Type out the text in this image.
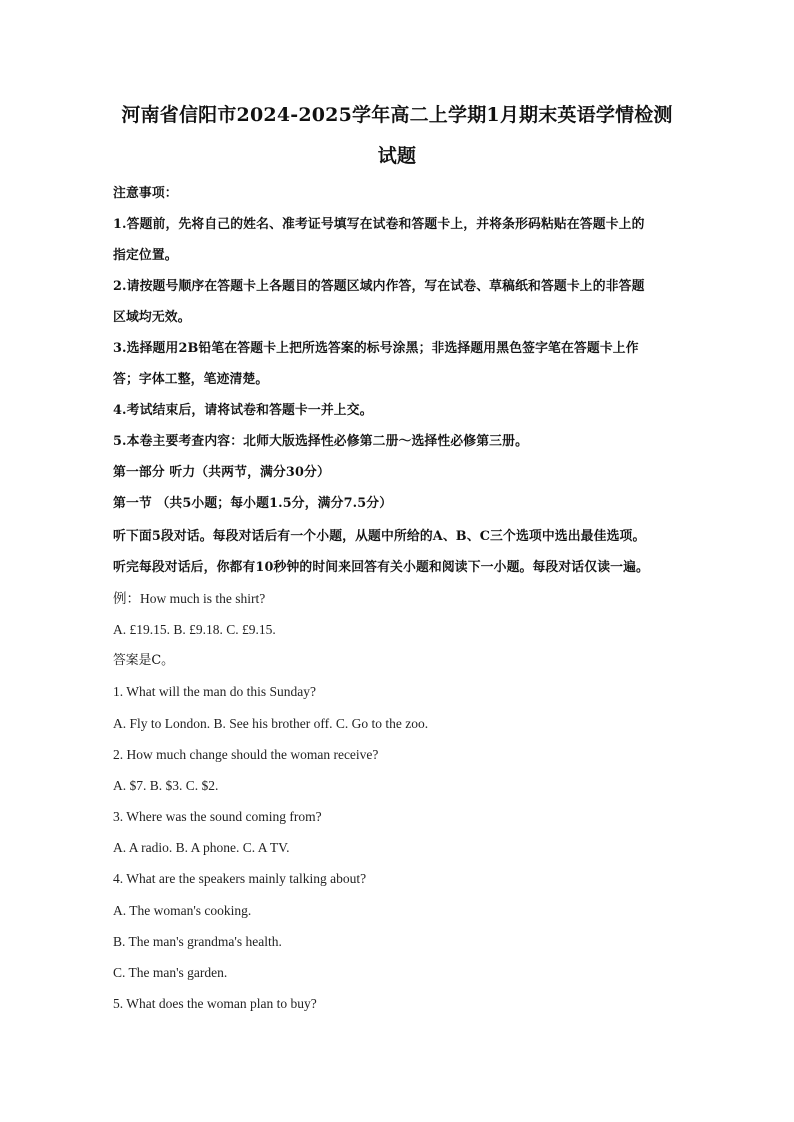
河南省信阳市2024-2025学年高二上学期1月期末英语学情检测
试题
注意事项：
1.答题前，先将自己的姓名、准考证号填写在试卷和答题卡上，并将条形码粘贴在答题卡上的
指定位置。
2.请按题号顺序在答题卡上各题目的答题区域内作答，写在试卷、草稿纸和答题卡上的非答题
区域均无效。
3.选择题用2B铅笔在答题卡上把所选答案的标号涂黑；非选择题用黑色签字笔在答题卡上作
答；字体工整，笔迹清楚。
4.考试结束后，请将试卷和答题卡一并上交。
5.本卷主要考查内容：北师大版选择性必修第二册～选择性必修第三册。
第一部分 听力（共两节，满分30分）
第一节 （共5小题；每小题1.5分，满分7.5分）
听下面5段对话。每段对话后有一个小题，从题中所给的A、B、C三个选项中选出最佳选项。
听完每段对话后，你都有10秒钟的时间来回答有关小题和阅读下一小题。每段对话仅读一遍。
例：How much is the shirt?
A. £19.15. B. £9.18. C. £9.15.
答案是C。
1. What will the man do this Sunday?
A. Fly to London. B. See his brother off. C. Go to the zoo.
2. How much change should the woman receive?
A. $7. B. $3. C. $2.
3. Where was the sound coming from?
A. A radio. B. A phone. C. A TV.
4. What are the speakers mainly talking about?
A. The woman's cooking.
B. The man's grandma's health.
C. The man's garden.
5. What does the woman plan to buy?
